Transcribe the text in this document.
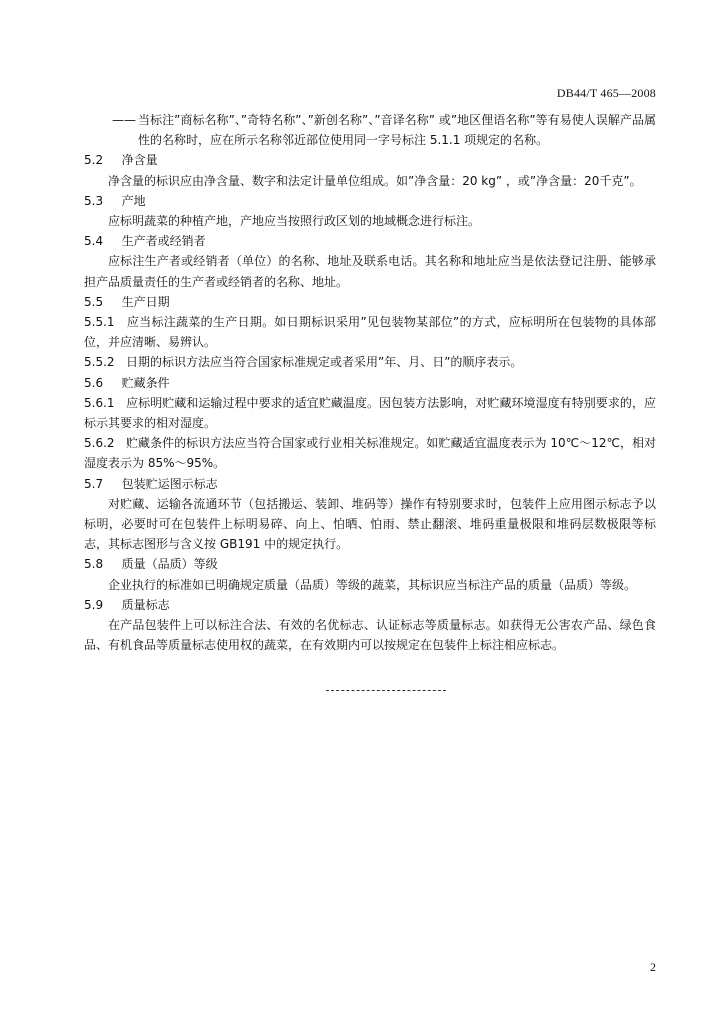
DB44/T 465—2008

—— 当标注”商标名称”、”奇特名称”、”新创名称”、”音译名称” 或”地区俚语名称”等有易使人误解产品属性的名称时，应在所示名称邻近部位使用同一字号标注 5.1.1 项规定的名称。

5.2 净含量

净含量的标识应由净含量、数字和法定计量单位组成。如”净含量：20 kg” ，或”净含量：20千克”。

5.3 产地

应标明蔬菜的种植产地，产地应当按照行政区划的地域概念进行标注。

5.4 生产者或经销者

应标注生产者或经销者（单位）的名称、地址及联系电话。其名称和地址应当是依法登记注册、能够承担产品质量责任的生产者或经销者的名称、地址。

5.5 生产日期

5.5.1 应当标注蔬菜的生产日期。如日期标识采用”见包装物某部位”的方式，应标明所在包装物的具体部位，并应清晰、易辨认。

5.5.2 日期的标识方法应当符合国家标准规定或者采用”年、月、日”的顺序表示。

5.6 贮藏条件

5.6.1 应标明贮藏和运输过程中要求的适宜贮藏温度。因包装方法影响，对贮藏环境湿度有特别要求的，应标示其要求的相对湿度。

5.6.2 贮藏条件的标识方法应当符合国家或行业相关标准规定。如贮藏适宜温度表示为 10℃～12℃，相对湿度表示为 85%～95%。

5.7 包装贮运图示标志

对贮藏、运输各流通环节（包括搬运、装卸、堆码等）操作有特别要求时，包装件上应用图示标志予以标明，必要时可在包装件上标明易碎、向上、怕晒、怕雨、禁止翻滚、堆码重量极限和堆码层数极限等标志，其标志图形与含义按 GB191 中的规定执行。

5.8 质量（品质）等级

企业执行的标准如已明确规定质量（品质）等级的蔬菜，其标识应当标注产品的质量（品质）等级。

5.9 质量标志

在产品包装件上可以标注合法、有效的名优标志、认证标志等质量标志。如获得无公害农产品、绿色食品、有机食品等质量标志使用权的蔬菜，在有效期内可以按规定在包装件上标注相应标志。

2
